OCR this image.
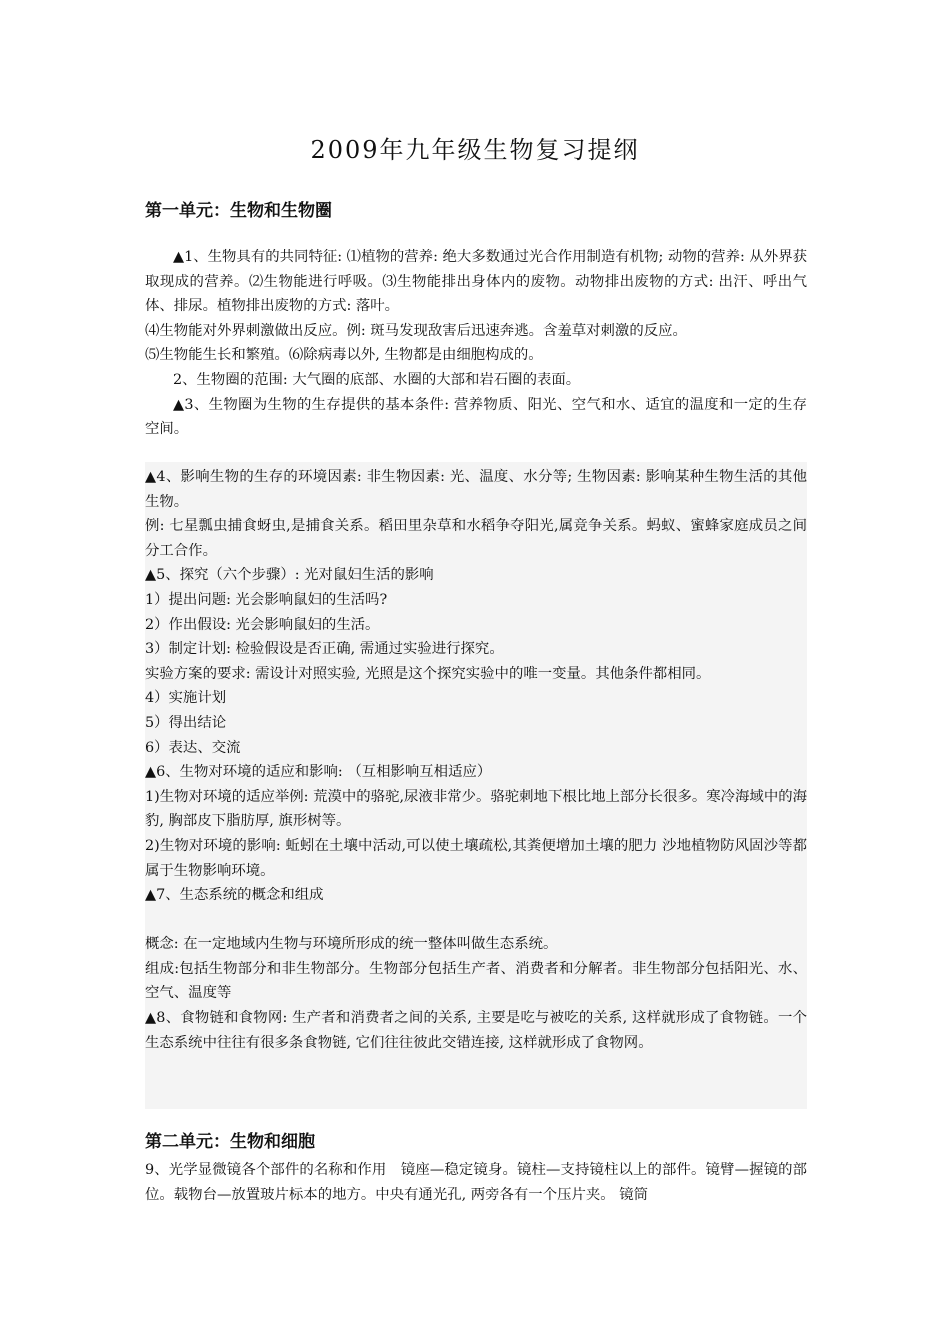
2009年九年级生物复习提纲
第一单元：生物和生物圈

▲1、生物具有的共同特征: ⑴植物的营养: 绝大多数通过光合作用制造有机物; 动物的营养: 从外界获取现成的营养。⑵生物能进行呼吸。⑶生物能排出身体内的废物。动物排出废物的方式: 出汗、呼出气体、排尿。植物排出废物的方式: 落叶。

⑷生物能对外界刺激做出反应。例: 斑马发现敌害后迅速奔逃。含羞草对刺激的反应。

⑸生物能生长和繁殖。⑹除病毒以外, 生物都是由细胞构成的。

2、生物圈的范围: 大气圈的底部、水圈的大部和岩石圈的表面。

▲3、生物圈为生物的生存提供的基本条件: 营养物质、阳光、空气和水、适宜的温度和一定的生存空间。

▲4、影响生物的生存的环境因素: 非生物因素: 光、温度、水分等; 生物因素: 影响某种生物生活的其他生物。

例: 七星瓢虫捕食蚜虫,是捕食关系。稻田里杂草和水稻争夺阳光,属竞争关系。蚂蚁、蜜蜂家庭成员之间分工合作。

▲5、探究（六个步骤）: 光对鼠妇生活的影响

1）提出问题: 光会影响鼠妇的生活吗?

2）作出假设: 光会影响鼠妇的生活。

3）制定计划: 检验假设是否正确, 需通过实验进行探究。

实验方案的要求: 需设计对照实验, 光照是这个探究实验中的唯一变量。其他条件都相同。

4）实施计划

5）得出结论

6）表达、交流

▲6、生物对环境的适应和影响: （互相影响互相适应）

1)生物对环境的适应举例: 荒漠中的骆驼,尿液非常少。骆驼刺地下根比地上部分长很多。寒冷海域中的海豹, 胸部皮下脂肪厚, 旗形树等。

2)生物对环境的影响: 蚯蚓在土壤中活动,可以使土壤疏松,其粪便增加土壤的肥力 沙地植物防风固沙等都属于生物影响环境。

▲7、生态系统的概念和组成

概念: 在一定地域内生物与环境所形成的统一整体叫做生态系统。

组成:包括生物部分和非生物部分。生物部分包括生产者、消费者和分解者。非生物部分包括阳光、水、空气、温度等

▲8、食物链和食物网: 生产者和消费者之间的关系, 主要是吃与被吃的关系, 这样就形成了食物链。一个生态系统中往往有很多条食物链, 它们往往彼此交错连接, 这样就形成了食物网。

第二单元：生物和细胞

9、光学显微镜各个部件的名称和作用　镜座—稳定镜身。镜柱—支持镜柱以上的部件。镜臂—握镜的部位。载物台—放置玻片标本的地方。中央有通光孔, 两旁各有一个压片夹。 镜筒
